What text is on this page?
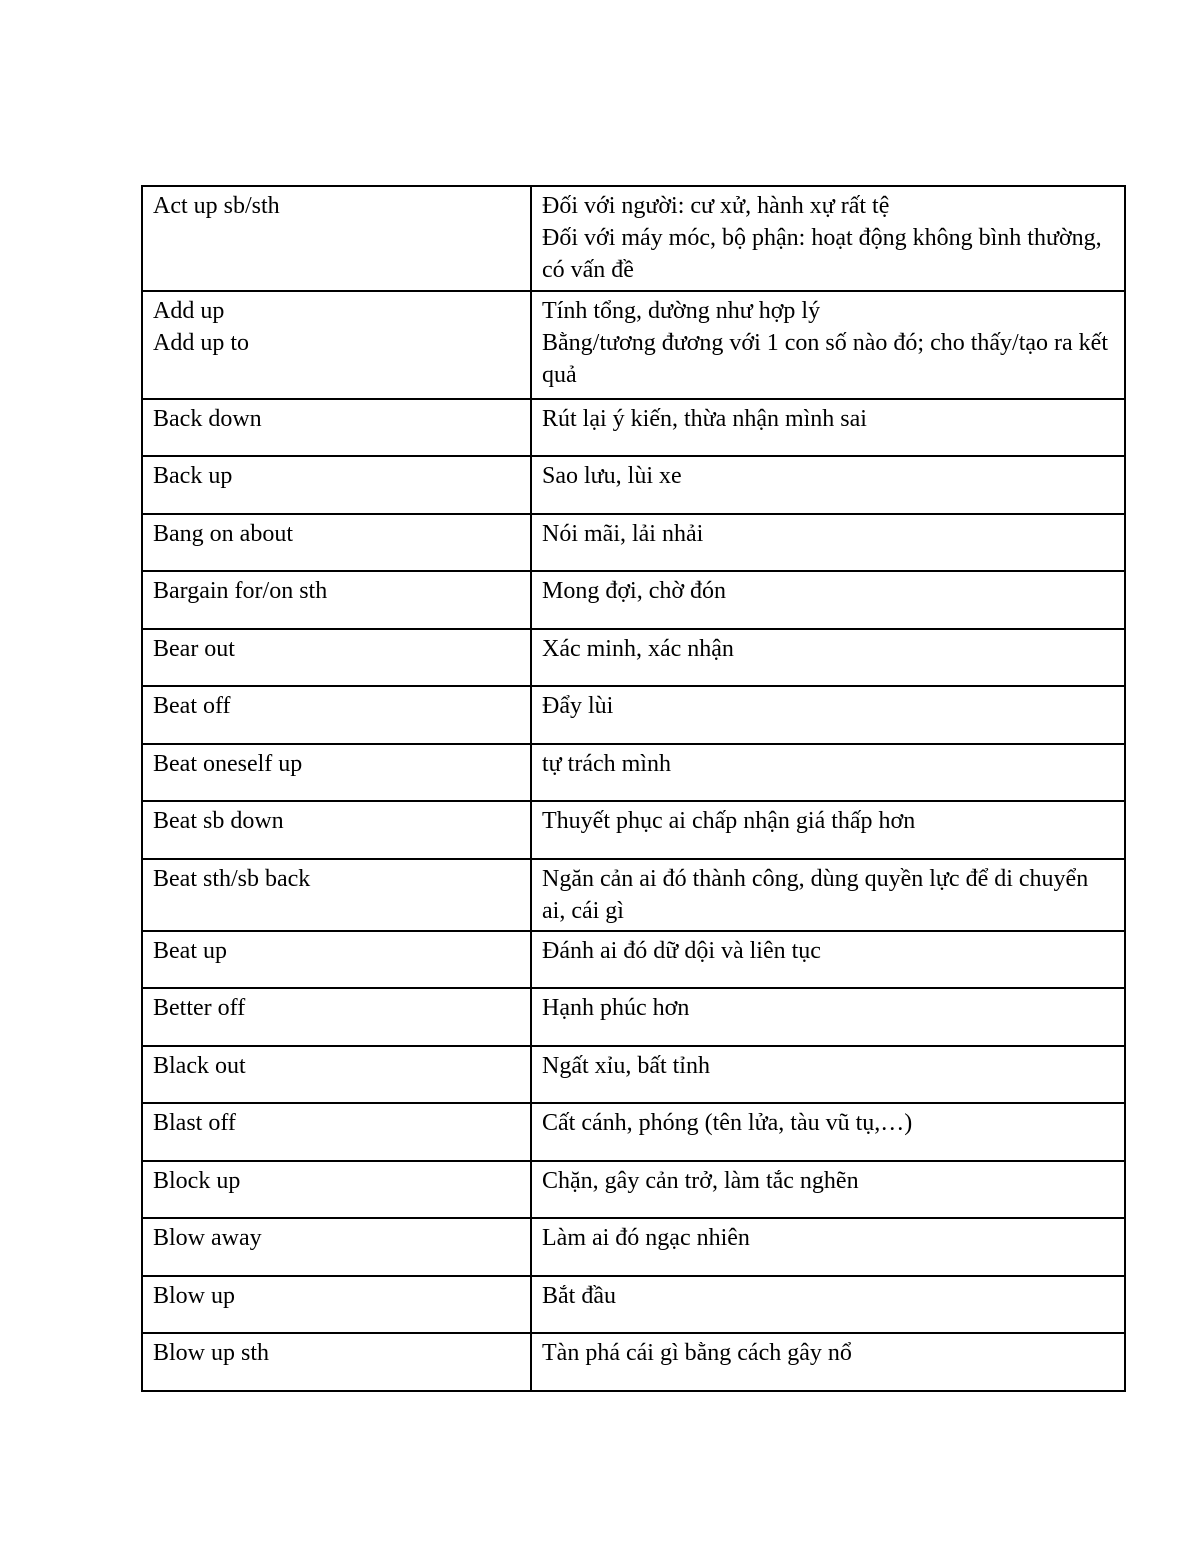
Act up sb/sth	Đối với người: cư xử, hành xự rất tệ
Đối với máy móc, bộ phận: hoạt động không bình thường, có vấn đề

Add up
Add up to	Tính tổng, dường như hợp lý
Bằng/tương đương với 1 con số nào đó; cho thấy/tạo ra kết quả

Back down	Rút lại ý kiến, thừa nhận mình sai

Back up	Sao lưu, lùi xe

Bang on about	Nói mãi, lải nhải

Bargain for/on sth	Mong đợi, chờ đón

Bear out	Xác minh, xác nhận

Beat off	Đẩy lùi

Beat oneself up	tự trách mình

Beat sb down	Thuyết phục ai chấp nhận giá thấp hơn

Beat sth/sb back	Ngăn cản ai đó thành công, dùng quyền lực để di chuyển ai, cái gì

Beat up	Đánh ai đó dữ dội và liên tục

Better off	Hạnh phúc hơn

Black out	Ngất xỉu, bất tỉnh

Blast off	Cất cánh, phóng (tên lửa, tàu vũ tụ,…)

Block up	Chặn, gây cản trở, làm tắc nghẽn

Blow away	Làm ai đó ngạc nhiên

Blow up	Bắt đầu

Blow up sth	Tàn phá cái gì bằng cách gây nổ
